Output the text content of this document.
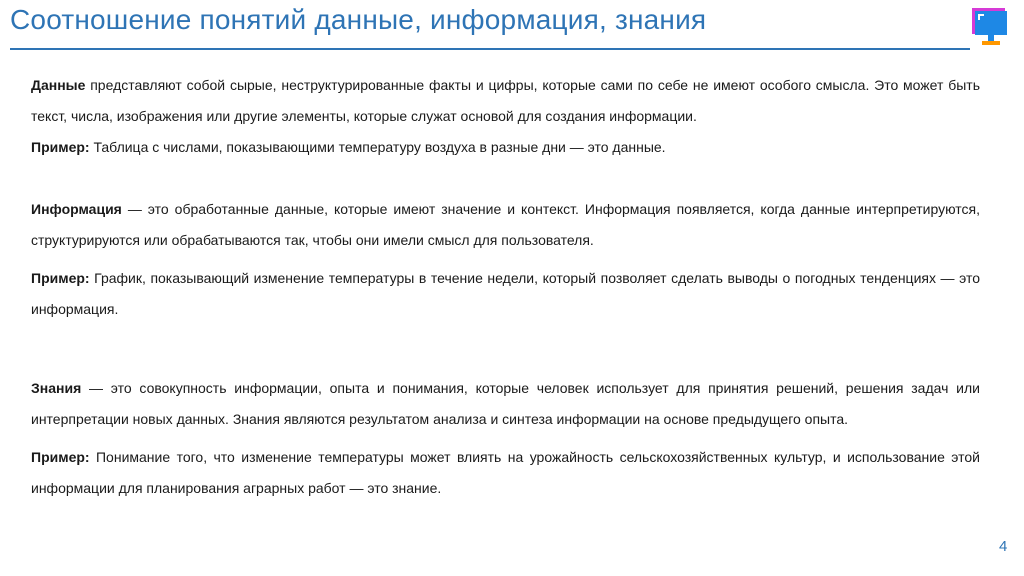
Соотношение понятий данные, информация, знания

Данные представляют собой сырые, неструктурированные факты и цифры, которые сами по себе не имеют особого смысла. Это может быть текст, числа, изображения или другие элементы, которые служат основой для создания информации.

Пример: Таблица с числами, показывающими температуру воздуха в разные дни — это данные.

Информация — это обработанные данные, которые имеют значение и контекст. Информация появляется, когда данные интерпретируются, структурируются или обрабатываются так, чтобы они имели смысл для пользователя.

Пример: График, показывающий изменение температуры в течение недели, который позволяет сделать выводы о погодных тенденциях — это информация.

Знания — это совокупность информации, опыта и понимания, которые человек использует для принятия решений, решения задач или интерпретации новых данных. Знания являются результатом анализа и синтеза информации на основе предыдущего опыта.

Пример: Понимание того, что изменение температуры может влиять на урожайность сельскохозяйственных культур, и использование этой информации для планирования аграрных работ — это знание.

4
